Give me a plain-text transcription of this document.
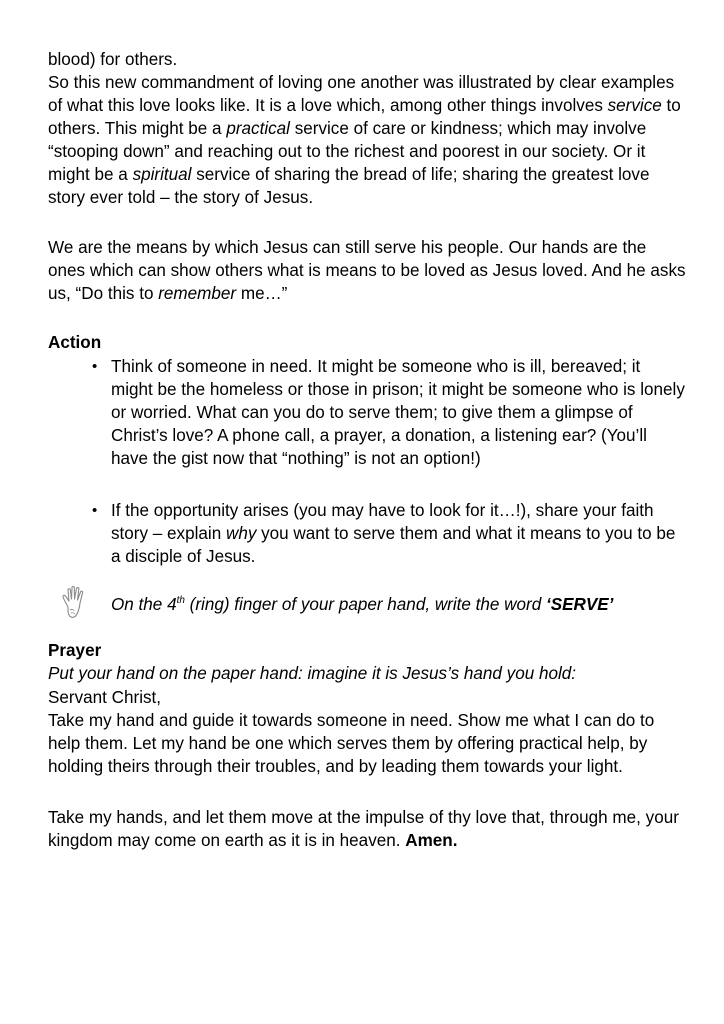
blood) for others.

So this new commandment of loving one another was illustrated by clear examples of what this love looks like. It is a love which, among other things involves service to others. This might be a practical service of care or kindness; which may involve “stooping down” and reaching out to the richest and poorest in our society. Or it might be a spiritual service of sharing the bread of life; sharing the greatest love story ever told – the story of Jesus.

We are the means by which Jesus can still serve his people. Our hands are the ones which can show others what is means to be loved as Jesus loved. And he asks us, “Do this to remember me…”

Action
• Think of someone in need. It might be someone who is ill, bereaved; it might be the homeless or those in prison; it might be someone who is lonely or worried. What can you do to serve them; to give them a glimpse of Christ’s love? A phone call, a prayer, a donation, a listening ear? (You’ll have the gist now that “nothing” is not an option!)

• If the opportunity arises (you may have to look for it…!), share your faith story – explain why you want to serve them and what it means to you to be a disciple of Jesus.

On the 4th (ring) finger of your paper hand, write the word ‘SERVE’
Prayer

Put your hand on the paper hand: imagine it is Jesus’s hand you hold:

Servant Christ,

Take my hand and guide it towards someone in need. Show me what I can do to help them. Let my hand be one which serves them by offering practical help, by holding theirs through their troubles, and by leading them towards your light.

Take my hands, and let them move at the impulse of thy love that, through me, your kingdom may come on earth as it is in heaven. Amen.
